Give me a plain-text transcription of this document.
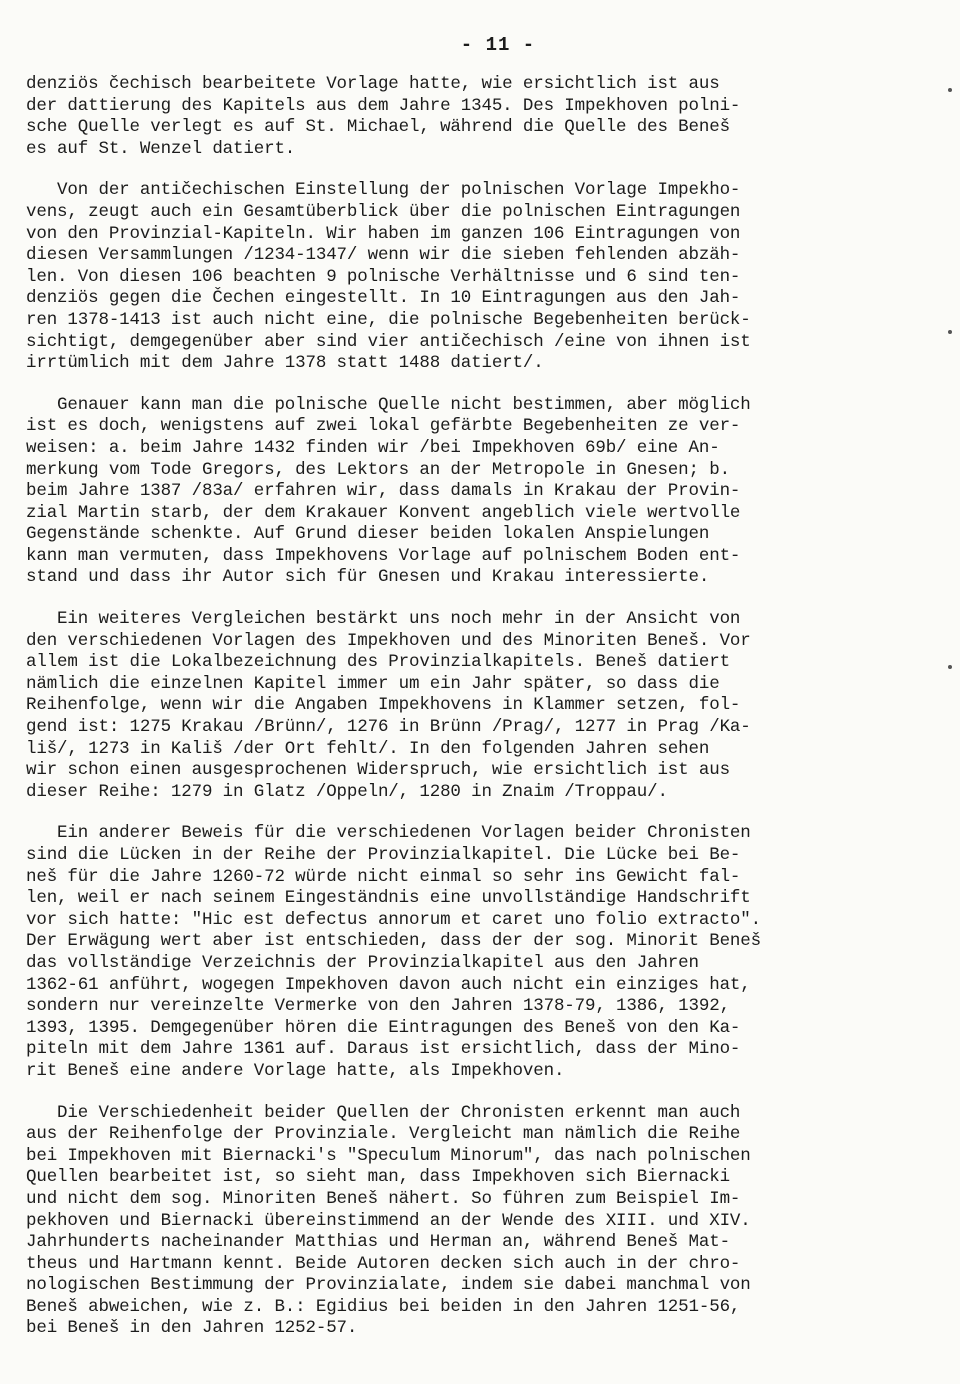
- 11 -
denziös čechisch bearbeitete Vorlage hatte, wie ersichtlich ist aus
der dattierung des Kapitels aus dem Jahre 1345. Des Impekhoven polni-
sche Quelle verlegt es auf St. Michael, während die Quelle des Beneš
es auf St. Wenzel datiert.
Von der antičechischen Einstellung der polnischen Vorlage Impekho-
vens, zeugt auch ein Gesamtüberblick über die polnischen Eintragungen
von den Provinzial-Kapiteln. Wir haben im ganzen 106 Eintragungen von
diesen Versammlungen /1234-1347/ wenn wir die sieben fehlenden abzäh-
len. Von diesen 106 beachten 9 polnische Verhältnisse und 6 sind ten-
denziös gegen die Čechen eingestellt. In 10 Eintragungen aus den Jah-
ren 1378-1413 ist auch nicht eine, die polnische Begebenheiten berück-
sichtigt, demgegenüber aber sind vier antičechisch /eine von ihnen ist
irrtümlich mit dem Jahre 1378 statt 1488 datiert/.
Genauer kann man die polnische Quelle nicht bestimmen, aber möglich
ist es doch, wenigstens auf zwei lokal gefärbte Begebenheiten ze ver-
weisen: a. beim Jahre 1432 finden wir /bei Impekhoven 69b/ eine An-
merkung vom Tode Gregors, des Lektors an der Metropole in Gnesen; b.
beim Jahre 1387 /83a/ erfahren wir, dass damals in Krakau der Provin-
zial Martin starb, der dem Krakauer Konvent angeblich viele wertvolle
Gegenstände schenkte. Auf Grund dieser beiden lokalen Anspielungen
kann man vermuten, dass Impekhovens Vorlage auf polnischem Boden ent-
stand und dass ihr Autor sich für Gnesen und Krakau interessierte.
Ein weiteres Vergleichen bestärkt uns noch mehr in der Ansicht von
den verschiedenen Vorlagen des Impekhoven und des Minoriten Beneš. Vor
allem ist die Lokalbezeichnung des Provinzialkapitels. Beneš datiert
nämlich die einzelnen Kapitel immer um ein Jahr später, so dass die
Reihenfolge, wenn wir die Angaben Impekhovens in Klammer setzen, fol-
gend ist: 1275 Krakau /Brünn/, 1276 in Brünn /Prag/, 1277 in Prag /Ka-
liš/, 1273 in Kališ /der Ort fehlt/. In den folgenden Jahren sehen
wir schon einen ausgesprochenen Widerspruch, wie ersichtlich ist aus
dieser Reihe: 1279 in Glatz /Oppeln/, 1280 in Znaim /Troppau/.
Ein anderer Beweis für die verschiedenen Vorlagen beider Chronisten
sind die Lücken in der Reihe der Provinzialkapitel. Die Lücke bei Be-
neš für die Jahre 1260-72 würde nicht einmal so sehr ins Gewicht fal-
len, weil er nach seinem Eingeständnis eine unvollständige Handschrift
vor sich hatte: "Hic est defectus annorum et caret uno folio extracto".
Der Erwägung wert aber ist entschieden, dass der der sog. Minorit Beneš
das vollständige Verzeichnis der Provinzialkapitel aus den Jahren
1362-61 anführt, wogegen Impekhoven davon auch nicht ein einziges hat,
sondern nur vereinzelte Vermerke von den Jahren 1378-79, 1386, 1392,
1393, 1395. Demgegenüber hören die Eintragungen des Beneš von den Ka-
piteln mit dem Jahre 1361 auf. Daraus ist ersichtlich, dass der Mino-
rit Beneš eine andere Vorlage hatte, als Impekhoven.
Die Verschiedenheit beider Quellen der Chronisten erkennt man auch
aus der Reihenfolge der Provinziale. Vergleicht man nämlich die Reihe
bei Impekhoven mit Biernacki's "Speculum Minorum", das nach polnischen
Quellen bearbeitet ist, so sieht man, dass Impekhoven sich Biernacki
und nicht dem sog. Minoriten Beneš nähert. So führen zum Beispiel Im-
pekhoven und Biernacki übereinstimmend an der Wende des XIII. und XIV.
Jahrhunderts nacheinander Matthias und Herman an, während Beneš Mat-
theus und Hartmann kennt. Beide Autoren decken sich auch in der chro-
nologischen Bestimmung der Provinzialate, indem sie dabei manchmal von
Beneš abweichen, wie z. B.: Egidius bei beiden in den Jahren 1251-56,
bei Beneš in den Jahren 1252-57.
